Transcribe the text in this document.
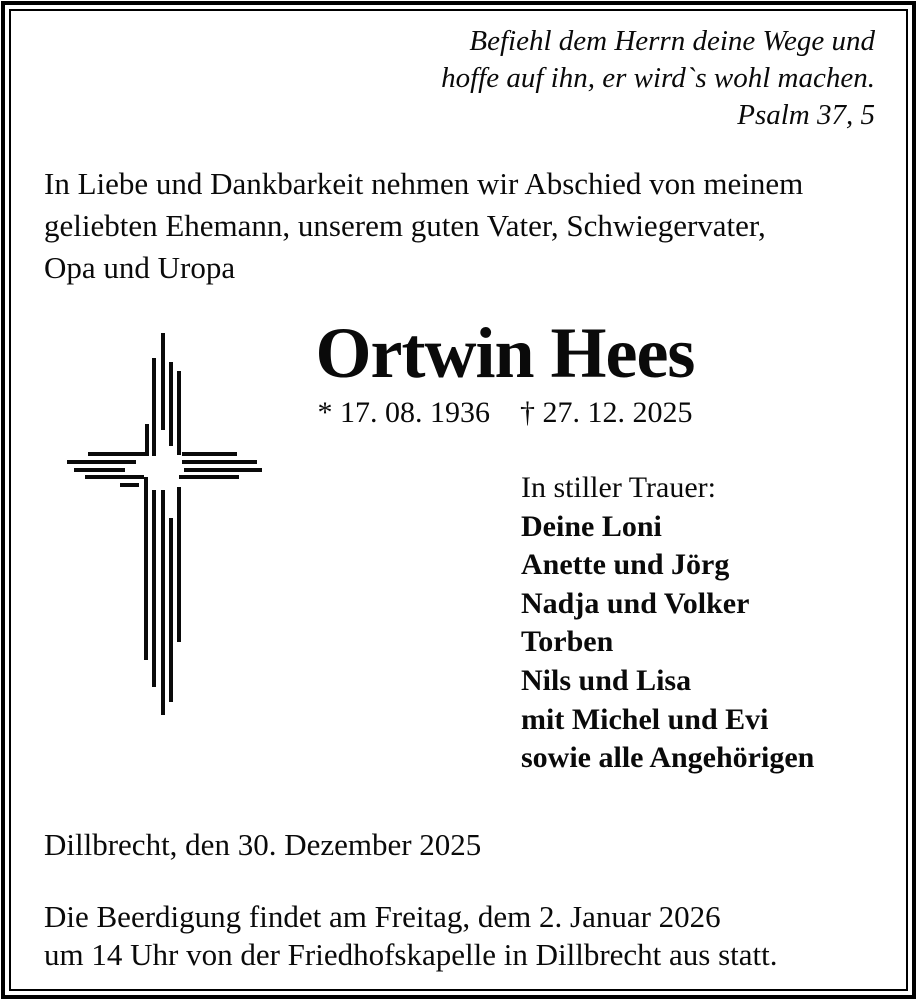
Befiehl dem Herrn deine Wege und
hoffe auf ihn, er wird`s wohl machen.
Psalm 37, 5
In Liebe und Dankbarkeit nehmen wir Abschied von meinem
geliebten Ehemann, unserem guten Vater, Schwiegervater,
Opa und Uropa
Ortwin Hees
* 17. 08. 1936 † 27. 12. 2025
In stiller Trauer:
Deine Loni
Anette und Jörg
Nadja und Volker
Torben
Nils und Lisa
mit Michel und Evi
sowie alle Angehörigen
Dillbrecht, den 30. Dezember 2025
Die Beerdigung findet am Freitag, dem 2. Januar 2026
um 14 Uhr von der Friedhofskapelle in Dillbrecht aus statt.
